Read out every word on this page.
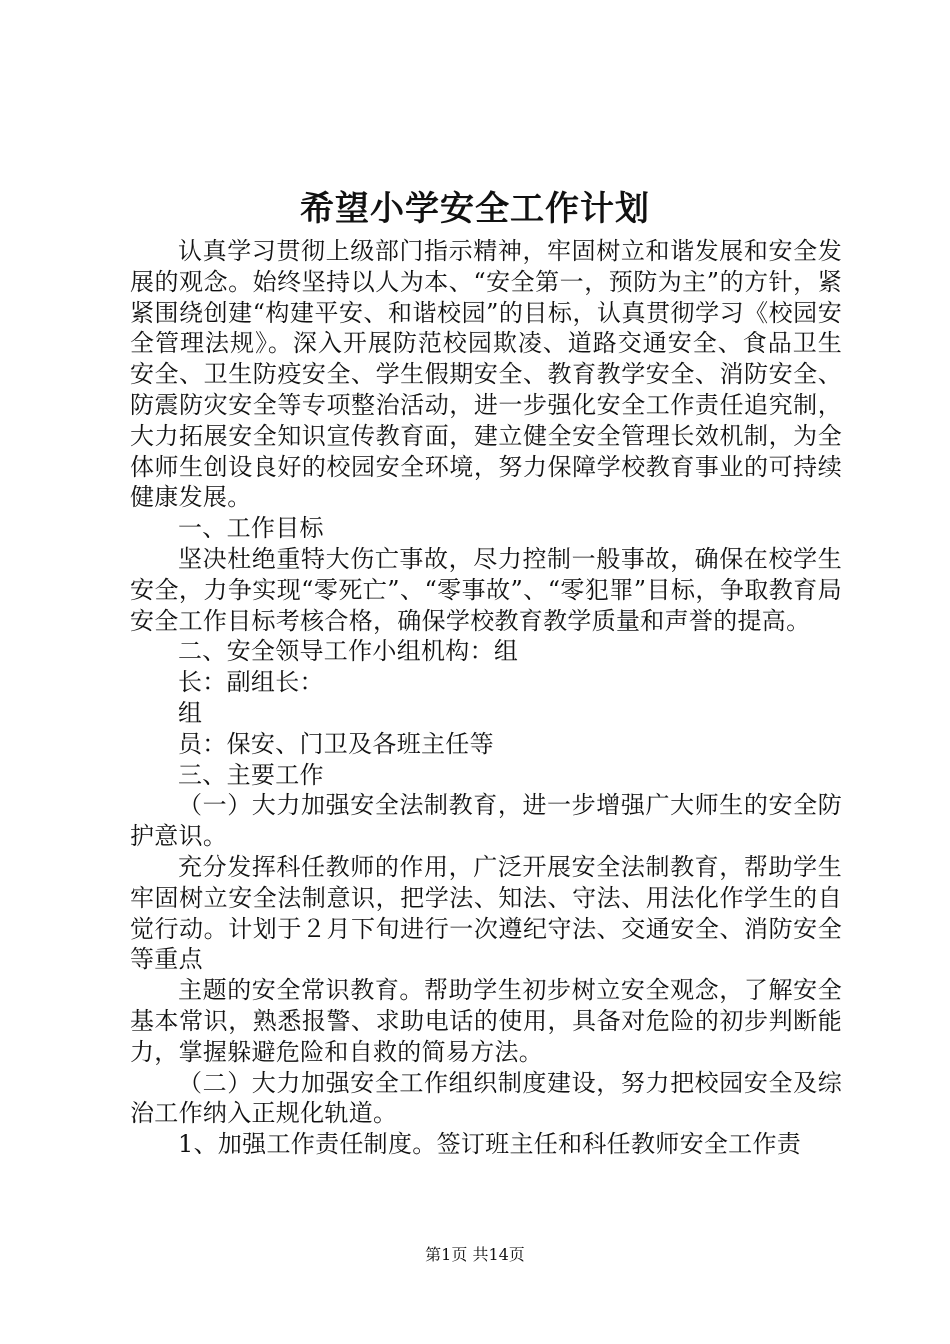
希望小学安全工作计划

认真学习贯彻上级部门指示精神，牢固树立和谐发展和安全发展的观念。始终坚持以人为本、“安全第一，预防为主”的方针，紧紧围绕创建“构建平安、和谐校园”的目标，认真贯彻学习《校园安全管理法规》。深入开展防范校园欺凌、道路交通安全、食品卫生安全、卫生防疫安全、学生假期安全、教育教学安全、消防安全、防震防灾安全等专项整治活动，进一步强化安全工作责任追究制，大力拓展安全知识宣传教育面，建立健全安全管理长效机制，为全体师生创设良好的校园安全环境，努力保障学校教育事业的可持续健康发展。

一、工作目标

坚决杜绝重特大伤亡事故，尽力控制一般事故，确保在校学生安全，力争实现“零死亡”、“零事故”、“零犯罪”目标，争取教育局安全工作目标考核合格，确保学校教育教学质量和声誉的提高。

二、安全领导工作小组机构：组

长：副组长：

组

员：保安、门卫及各班主任等

三、主要工作

（一）大力加强安全法制教育，进一步增强广大师生的安全防护意识。

充分发挥科任教师的作用，广泛开展安全法制教育，帮助学生牢固树立安全法制意识，把学法、知法、守法、用法化作学生的自觉行动。计划于２月下旬进行一次遵纪守法、交通安全、消防安全等重点

主题的安全常识教育。帮助学生初步树立安全观念，了解安全基本常识，熟悉报警、求助电话的使用，具备对危险的初步判断能力，掌握躲避危险和自救的简易方法。

（二）大力加强安全工作组织制度建设，努力把校园安全及综治工作纳入正规化轨道。

1、加强工作责任制度。签订班主任和科任教师安全工作责

第1页 共14页
